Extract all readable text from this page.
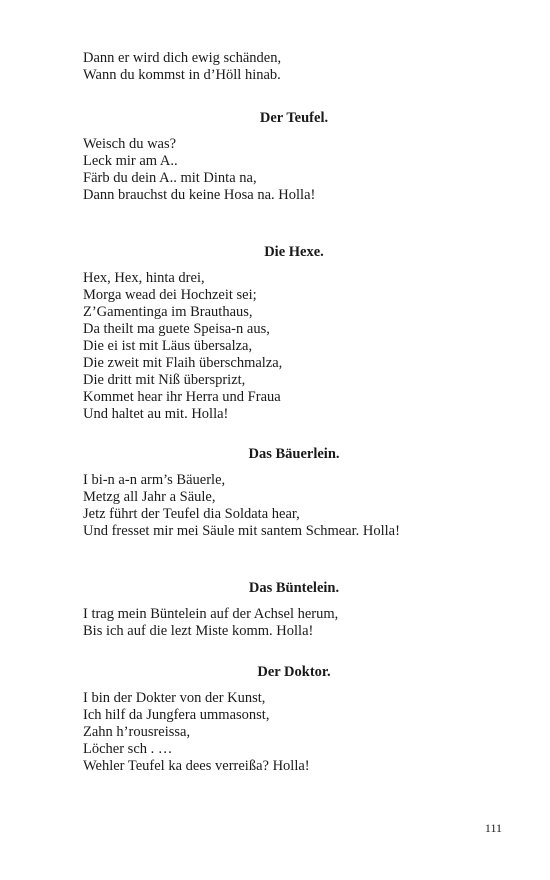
Dann er wird dich ewig schänden,
Wann du kommst in d’Höll hinab.
Der Teufel.
Weisch du was?
Leck mir am A..
Färb du dein A.. mit Dinta na,
Dann brauchst du keine Hosa na. Holla!
Die Hexe.
Hex, Hex, hinta drei,
Morga wead dei Hochzeit sei;
Z’Gamentinga im Brauthaus,
Da theilt ma guete Speisa-n aus,
Die ei ist mit Läus übersalza,
Die zweit mit Flaih überschmalza,
Die dritt mit Niß übersprizt,
Kommet hear ihr Herra und Fraua
Und haltet au mit. Holla!
Das Bäuerlein.
I bi-n a-n arm’s Bäuerle,
Metzg all Jahr a Säule,
Jetz führt der Teufel dia Soldata hear,
Und fresset mir mei Säule mit santem Schmear. Holla!
Das Büntelein.
I trag mein Büntelein auf der Achsel herum,
Bis ich auf die lezt Miste komm. Holla!
Der Doktor.
I bin der Dokter von der Kunst,
Ich hilf da Jungfera ummasonst,
Zahn h’rousreissa,
Löcher sch . …
Wehler Teufel ka dees verreißa? Holla!
111
